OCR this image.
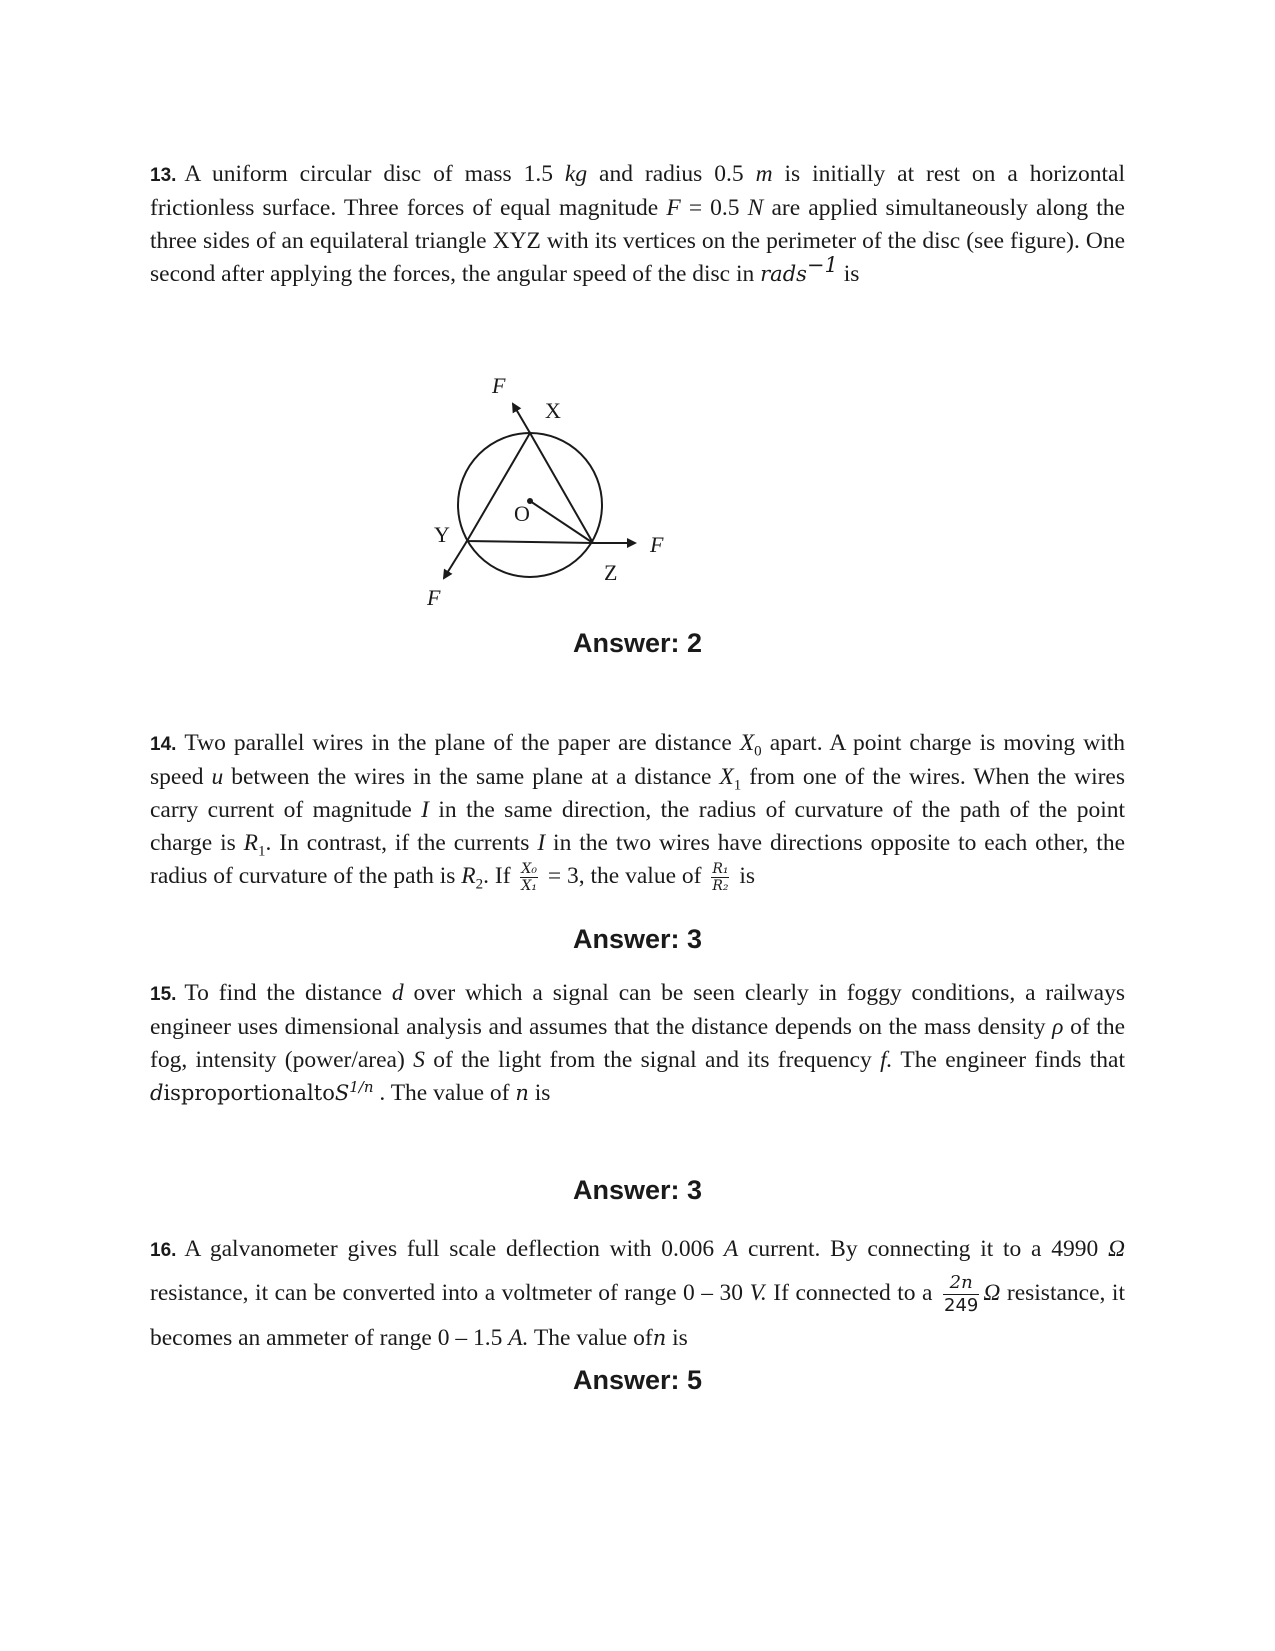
13. A uniform circular disc of mass 1.5 kg and radius 0.5 m is initially at rest on a horizontal frictionless surface. Three forces of equal magnitude F = 0.5 N are applied simultaneously along the three sides of an equilateral triangle XYZ with its vertices on the perimeter of the disc (see figure). One second after applying the forces, the angular speed of the disc in rads$^{-1}$ is
X
Y
Z
O
F
F
F
Answer: 2
14. Two parallel wires in the plane of the paper are distance $X_0$ apart. A point charge is moving with speed u between the wires in the same plane at a distance $X_1$ from one of the wires. When the wires carry current of magnitude I in the same direction, the radius of curvature of the path of the point charge is $R_1$. In contrast, if the currents I in the two wires have directions opposite to each other, the radius of curvature of the path is $R_2$. If $\frac{\text{X₀}}{\text{X₁}} = 3$, the value of $\frac{\text{R₁}}{\text{R₂}}$ is
Answer: 3
15. To find the distance d over which a signal can be seen clearly in foggy conditions, a railways engineer uses dimensional analysis and assumes that the distance depends on the mass density ρ of the fog, intensity (power/area) S of the light from the signal and its frequency f. The engineer finds that disproportionaltoS$^{1/n}$ . The value of n is
Answer: 3
16. A galvanometer gives full scale deflection with 0.006 A current. By connecting it to a 4990 Ω resistance, it can be converted into a voltmeter of range 0 – 30 V. If connected to a $\frac{2n}{249}$ Ω resistance, it becomes an ammeter of range 0 – 1.5 A. The value ofn is
Answer: 5
